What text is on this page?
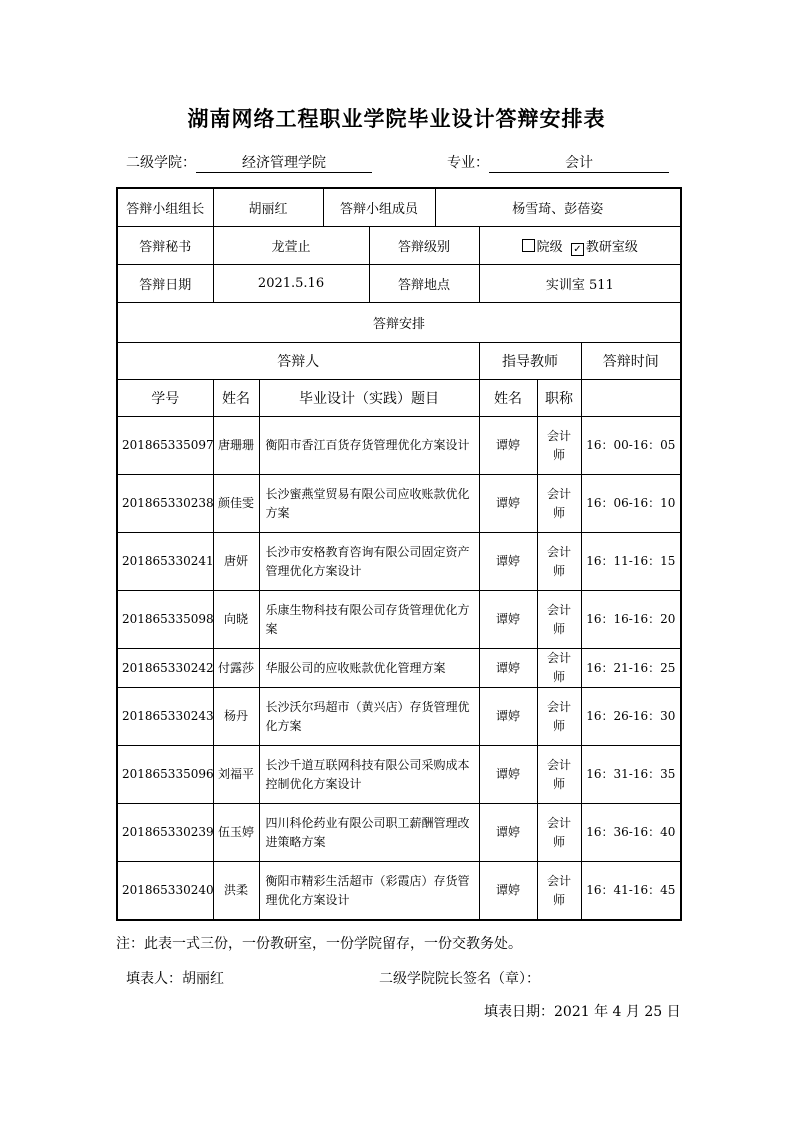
湖南网络工程职业学院毕业设计答辩安排表
二级学院：	经济管理学院	专业：	会计
答辩小组组长	胡丽红		答辩小组成员		杨雪琦、彭蓓姿			
答辩秘书	龙萱止			答辩级别		院级 ✓ 教研室级		
答辩日期	2021.5.16			答辩地点		实训室 511		
答辩安排								
答辩人						指导教师		答辩时间
学号	姓名	毕业设计（实践）题目				姓名	职称	
201865335097	唐珊珊	衡阳市香江百货存货管理优化方案设计				谭婷	会计师	16：00-16：05
201865330238	颜佳雯	长沙蜜燕堂贸易有限公司应收账款优化方案				谭婷	会计师	16：06-16：10
201865330241	唐妍	长沙市安格教育咨询有限公司固定资产管理优化方案设计				谭婷	会计师	16：11-16：15
201865335098	向晓	乐康生物科技有限公司存货管理优化方案				谭婷	会计师	16：16-16：20
201865330242	付露莎	华服公司的应收账款优化管理方案				谭婷	会计师	16：21-16：25
201865330243	杨丹	长沙沃尔玛超市（黄兴店）存货管理优化方案				谭婷	会计师	16：26-16：30
201865335096	刘福平	长沙千道互联网科技有限公司采购成本控制优化方案设计				谭婷	会计师	16：31-16：35
201865330239	伍玉婷	四川科伦药业有限公司职工薪酬管理改进策略方案				谭婷	会计师	16：36-16：40
201865330240	洪柔	衡阳市精彩生活超市（彩霞店）存货管理优化方案设计				谭婷	会计师	16：41-16：45
注：此表一式三份，一份教研室，一份学院留存，一份交教务处。
填表人：胡丽红	二级学院院长签名（章）：
填表日期：2021 年 4 月 25 日
